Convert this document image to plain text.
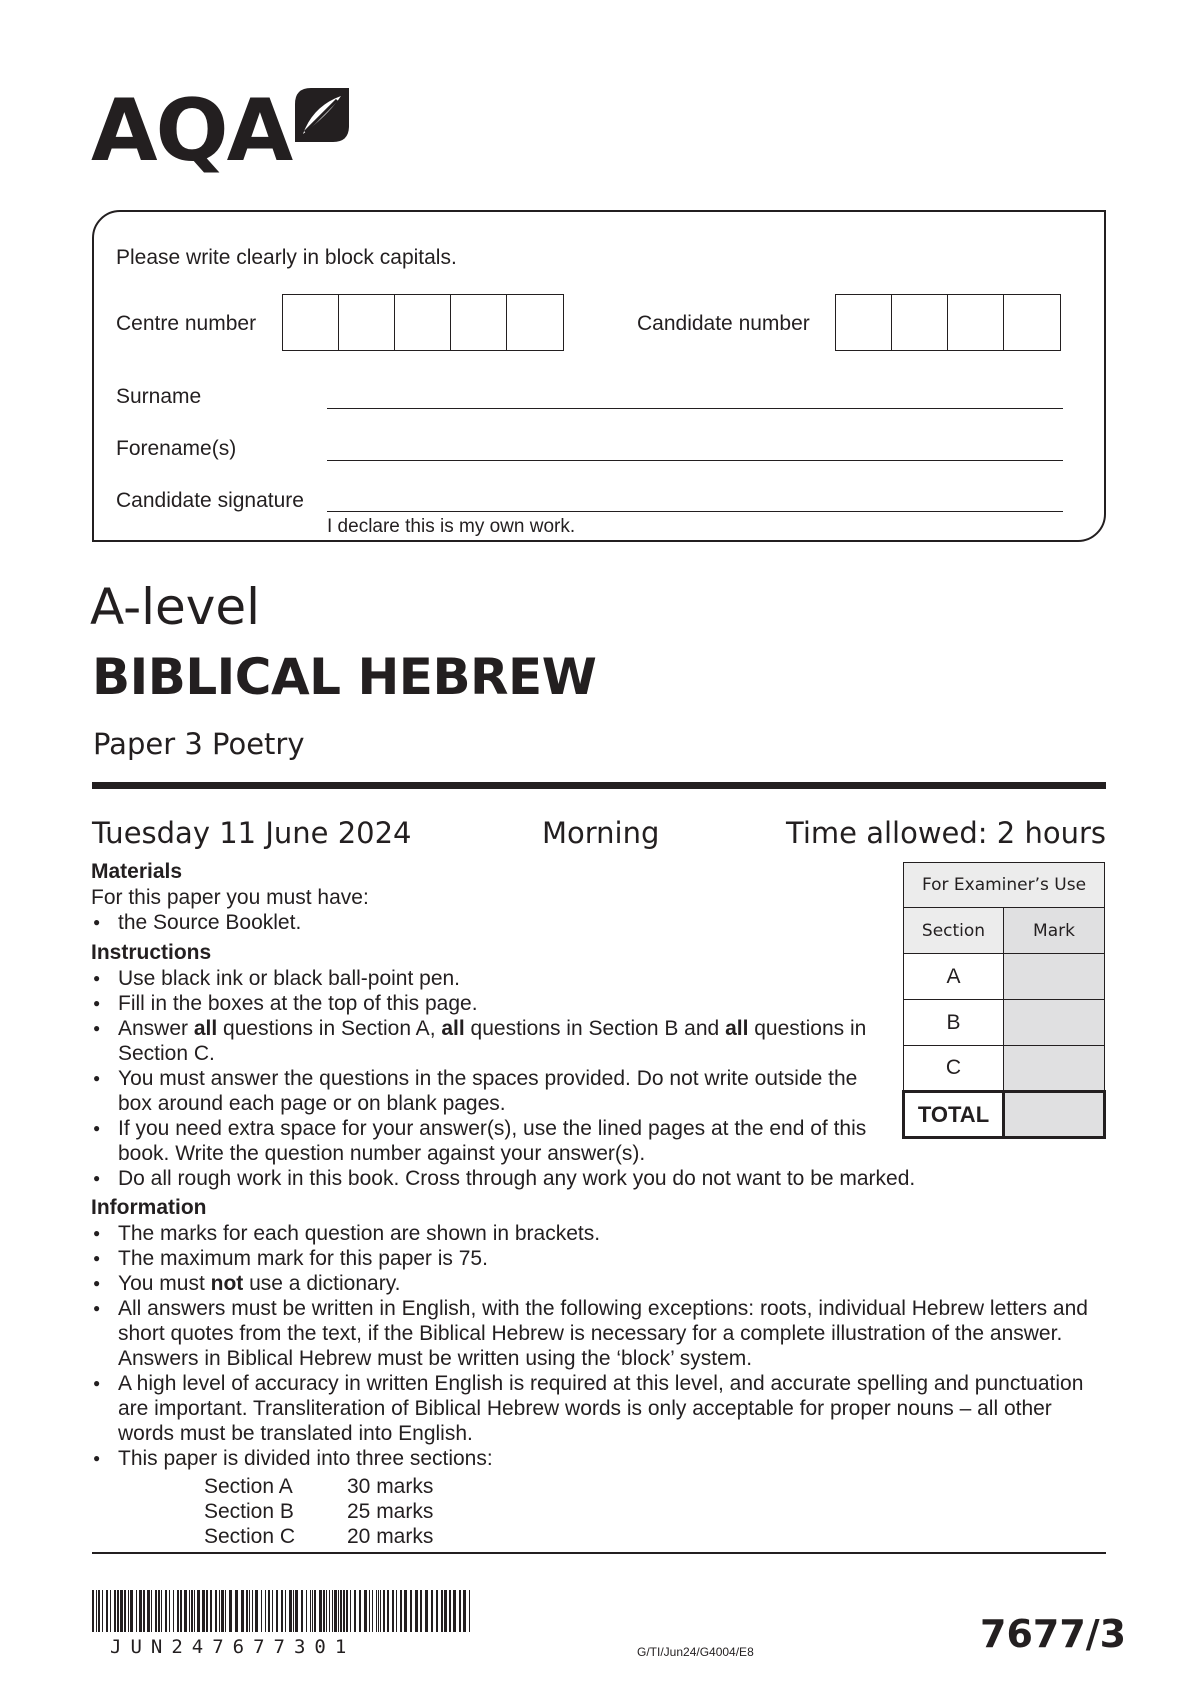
AQA
Please write clearly in block capitals.
Centre number	Candidate number
Surname
Forename(s)
Candidate signature
I declare this is my own work.
A-level
BIBLICAL HEBREW
Paper 3 Poetry
Tuesday 11 June 2024	Morning	Time allowed: 2 hours
Materials
For this paper you must have:
● the Source Booklet.
Instructions
● Use black ink or black ball-point pen.
● Fill in the boxes at the top of this page.
● Answer all questions in Section A, all questions in Section B and all questions in Section C.
● You must answer the questions in the spaces provided. Do not write outside the box around each page or on blank pages.
● If you need extra space for your answer(s), use the lined pages at the end of this book. Write the question number against your answer(s).
● Do all rough work in this book. Cross through any work you do not want to be marked.
For Examiner’s Use	
Section	Mark
A	
B	
C	
TOTAL	
Information
● The marks for each question are shown in brackets.
● The maximum mark for this paper is 75.
● You must not use a dictionary.
● All answers must be written in English, with the following exceptions: roots, individual Hebrew letters and short quotes from the text, if the Biblical Hebrew is necessary for a complete illustration of the answer. Answers in Biblical Hebrew must be written using the ‘block’ system.
● A high level of accuracy in written English is required at this level, and accurate spelling and punctuation are important. Transliteration of Biblical Hebrew words is only acceptable for proper nouns – all other words must be translated into English.
● This paper is divided into three sections:
Section A	30 marks
Section B	25 marks
Section C 20 marks
JUN247677301	G/TI/Jun24/G4004/E8	7677/3
